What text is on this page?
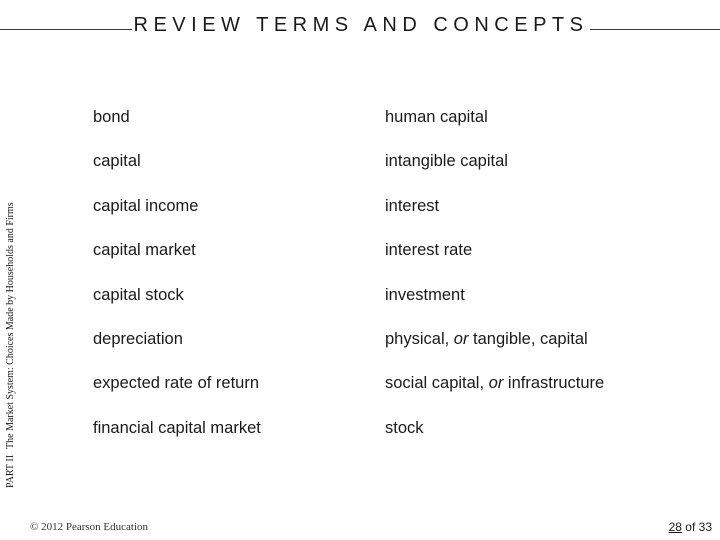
REVIEW TERMS AND CONCEPTS
PART IIThe Market System: Choices Made by Households and Firms
bond
capital
capital income
capital market
capital stock
depreciation
expected rate of return
financial capital market
human capital
intangible capital
interest
interest rate
investment
physical, or tangible, capital
social capital, or infrastructure
stock
© 2012 Pearson Education	28 of 33
